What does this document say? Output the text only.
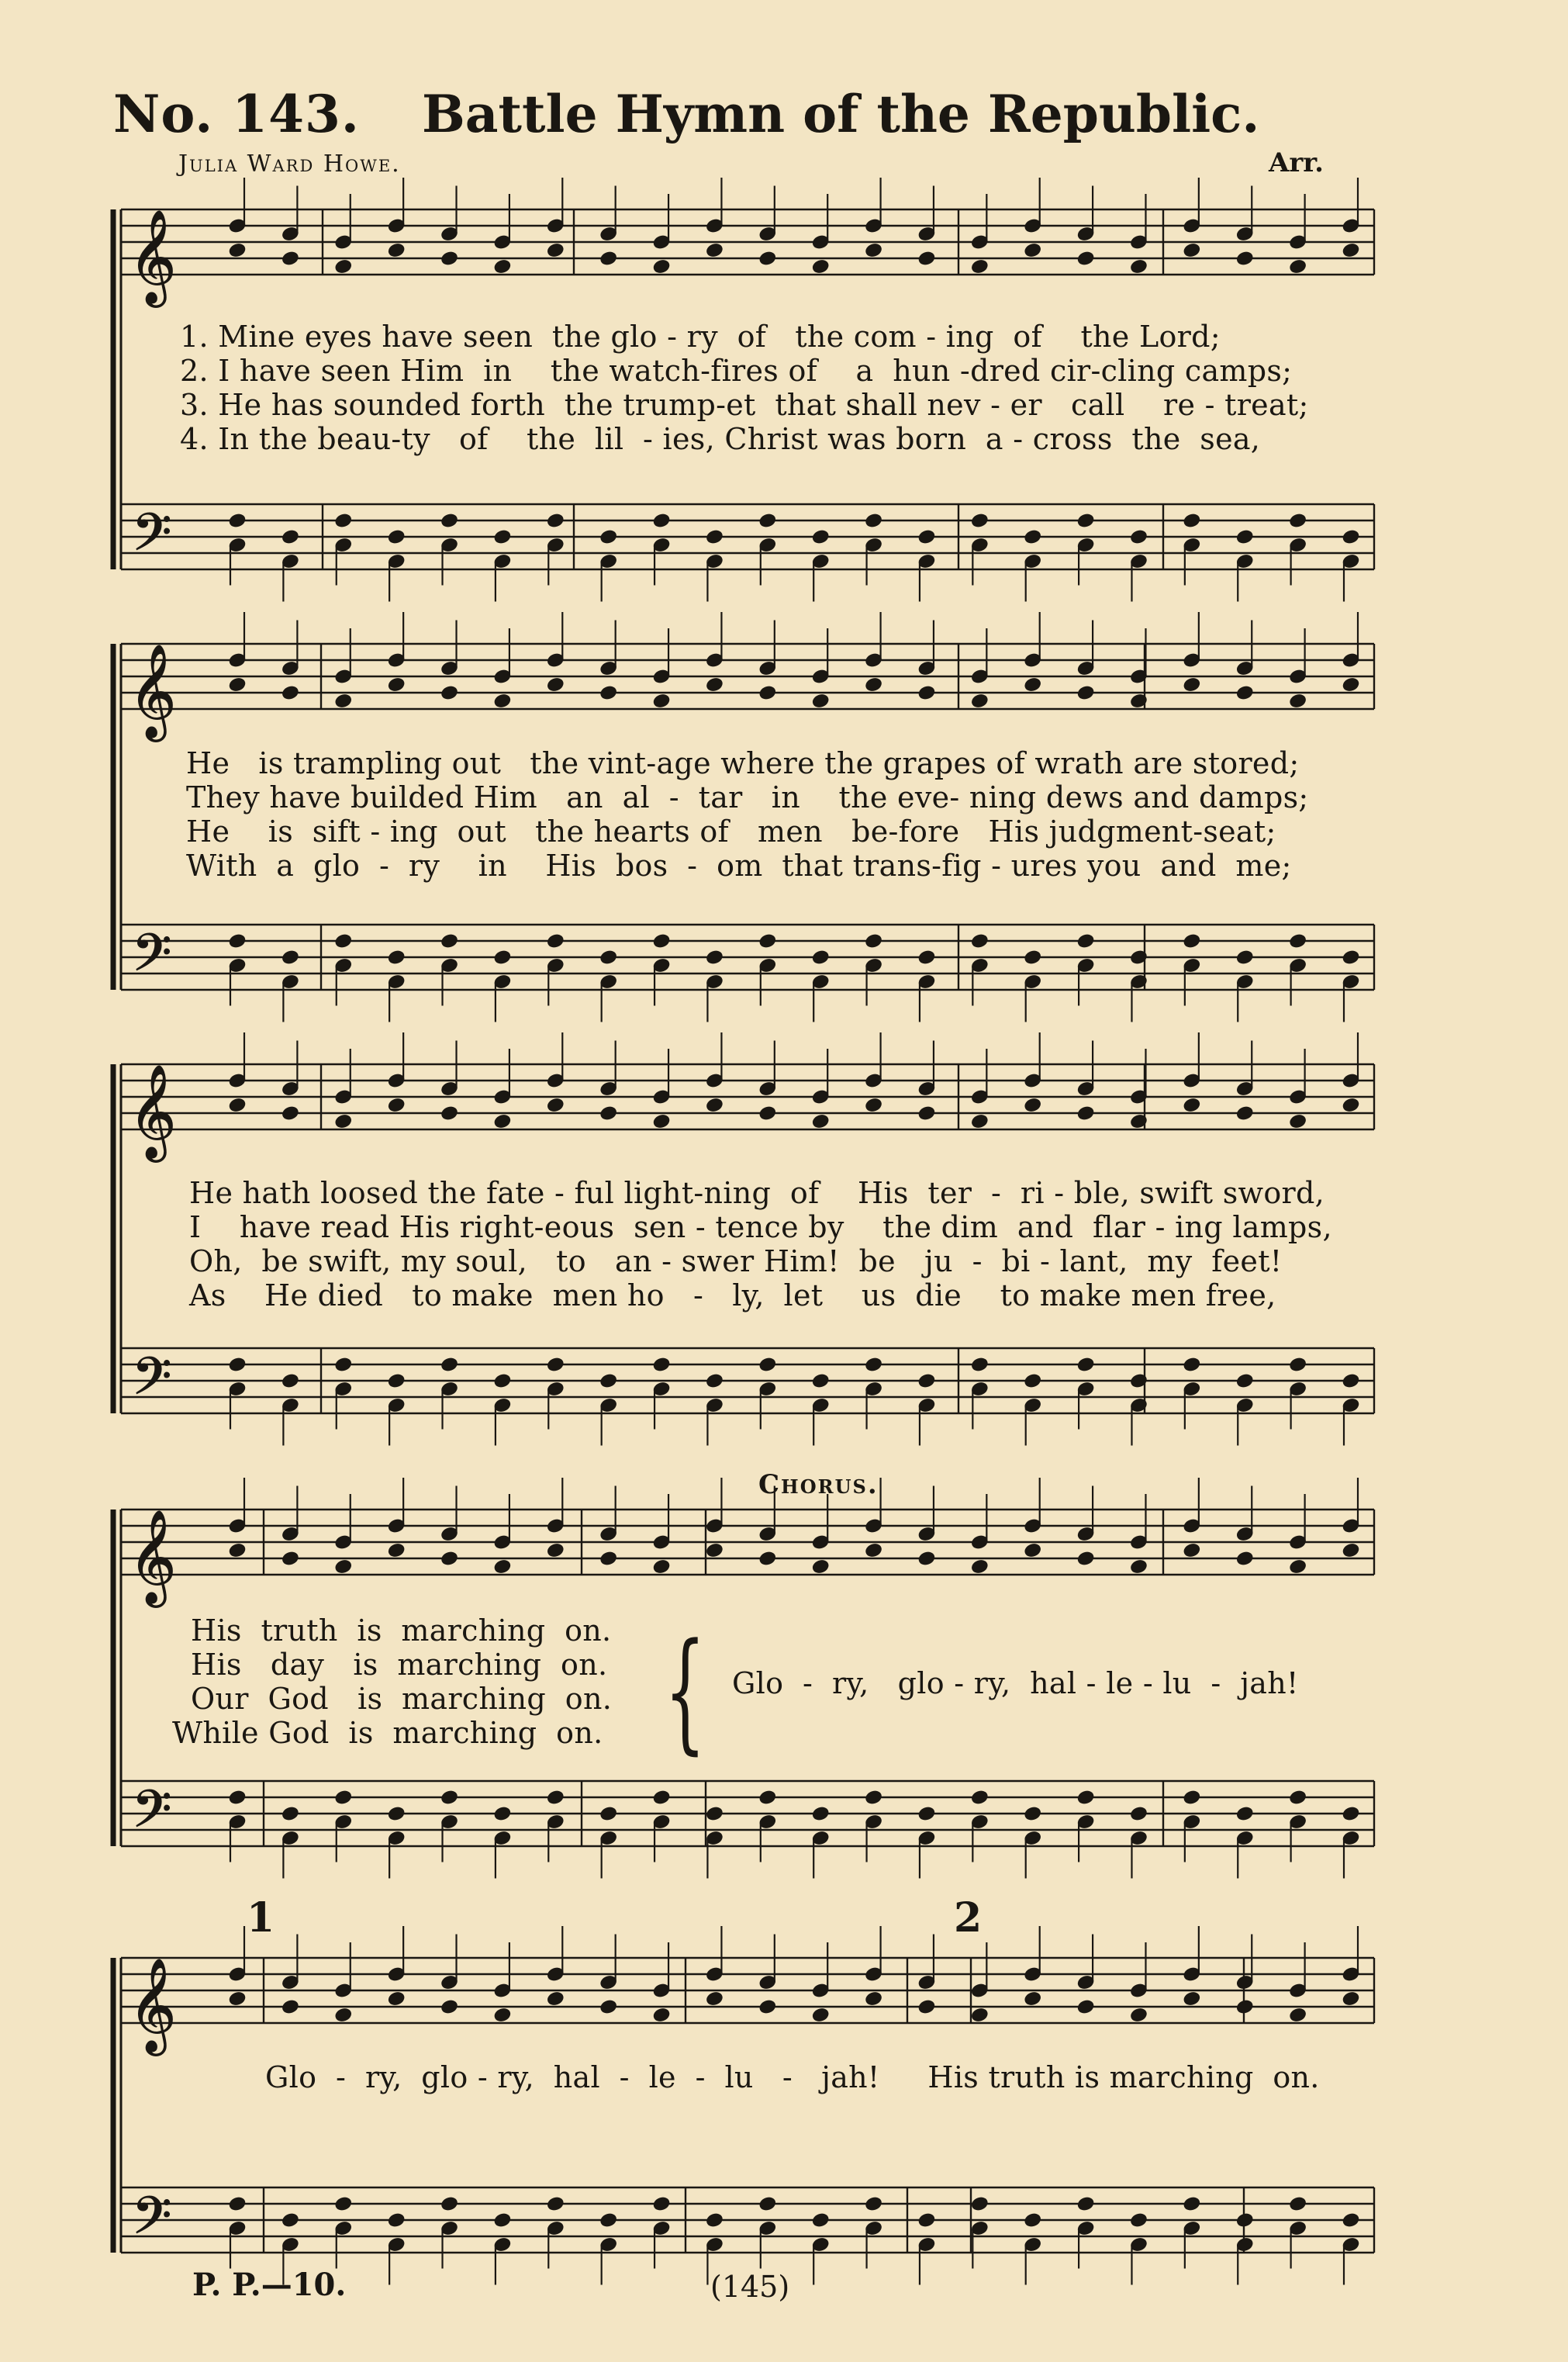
No. 143. Battle Hymn of the Republic.
Julia Ward Howe.	Arr.
𝄞
𝄢
𝄞
𝄢
𝄞
𝄢
𝄞
𝄢
𝄞
𝄢
1. Mine eyes have seen  the glo - ry  of   the com - ing  of    the Lord;
2. I have seen Him  in    the watch-fires of    a  hun -dred cir-cling camps;
3. He has sounded forth  the trump-et  that shall nev - er   call    re - treat;
4. In the beau-ty   of    the  lil  - ies, Christ was born  a - cross  the  sea,
He   is trampling out   the vint-age where the grapes of wrath are stored;
They have builded Him   an  al  -  tar   in    the eve- ning dews and damps;
He    is  sift - ing  out   the hearts of   men   be-fore   His judgment-seat;
With  a  glo  -  ry    in    His  bos  -  om  that trans-fig - ures you  and  me;
He hath loosed the fate - ful light-ning  of    His  ter  -  ri - ble, swift sword,
I    have read His right-eous  sen - tence by    the dim  and  flar - ing lamps,
Oh,  be swift, my soul,   to   an - swer Him!  be   ju  -  bi - lant,  my  feet!
As    He died   to make  men ho   -   ly,  let    us  die    to make men free,
Chorus.
His  truth  is  marching  on.
His   day   is  marching  on.
Our  God   is  marching  on.
While God  is  marching  on. { Glo  -  ry,   glo - ry,  hal - le - lu  -  jah!
1	2
Glo  -  ry,  glo - ry,  hal  -  le  -  lu   -   jah!     His truth is marching  on.
P. P.—10.	(145)
